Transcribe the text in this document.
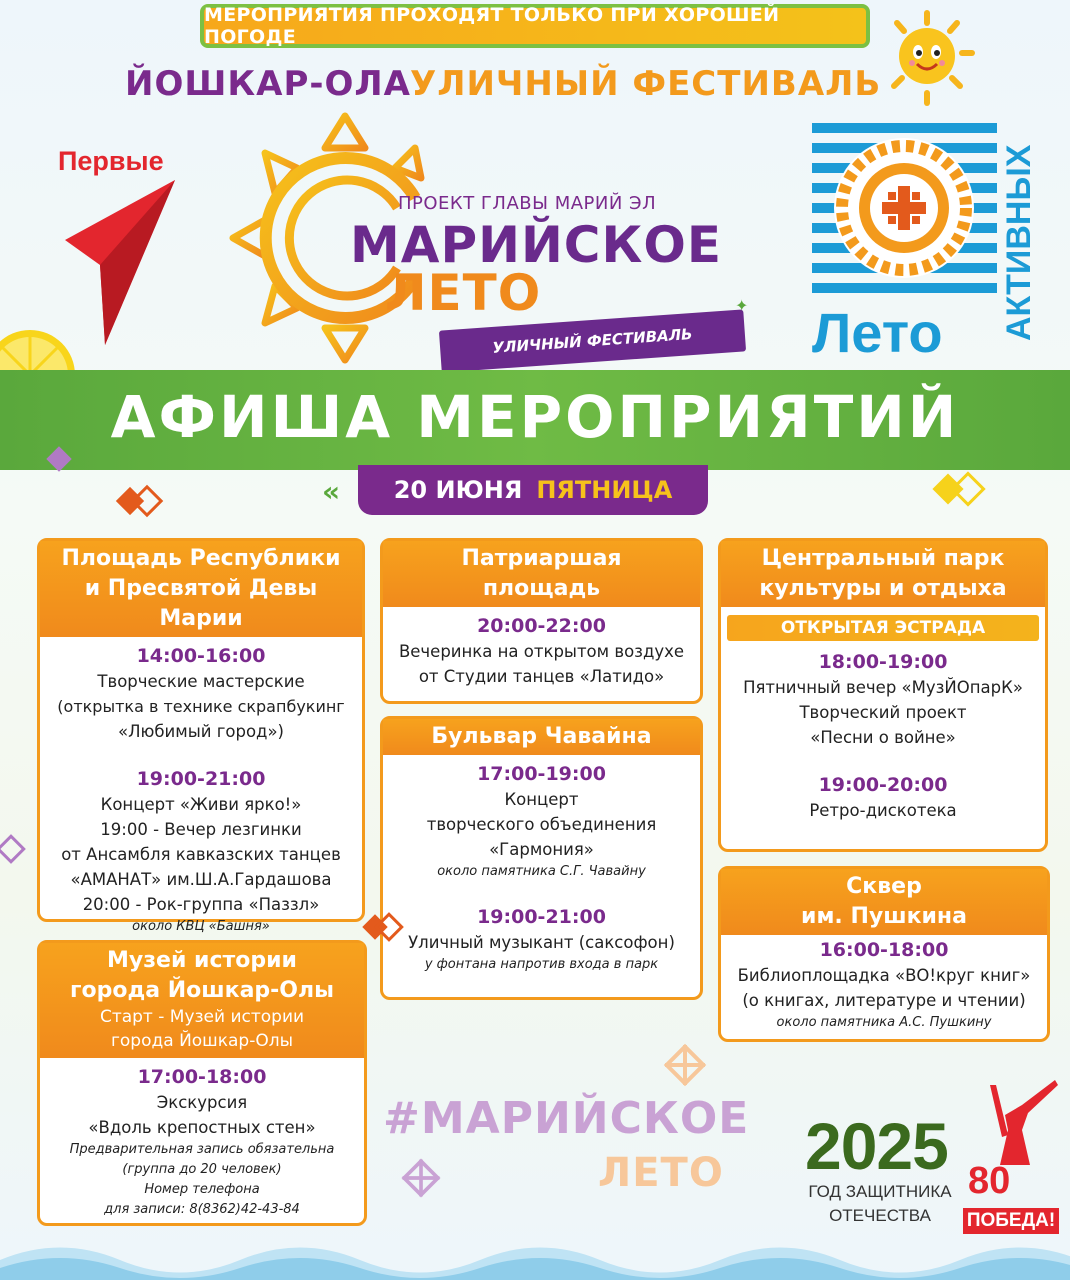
МЕРОПРИЯТИЯ ПРОХОДЯТ ТОЛЬКО ПРИ ХОРОШЕЙ ПОГОДЕ
ЙОШКАР-ОЛА УЛИЧНЫЙ ФЕСТИВАЛЬ
Первые
ПРОЕКТ ГЛАВЫ МАРИЙ ЭЛ
МАРИЙСКОЕ
ЛЕТО
УЛИЧНЫЙ ФЕСТИВАЛЬ
✦ Лето АКТИВНЫХ
АФИША МЕРОПРИЯТИЙ
« 20 ИЮНЯ ПЯТНИЦА
Площадь Республики
и Пресвятой Девы Марии
14:00-16:00
Творческие мастерские
(открытка в технике скрапбукинг
«Любимый город»)
19:00-21:00
Концерт «Живи ярко!»
19:00 - Вечер лезгинки
от Ансамбля кавказских танцев
«АМАНАТ» им.Ш.А.Гардашова
20:00 - Рок-группа «Паззл»
около КВЦ «Башня»
Патриаршая
площадь
20:00-22:00
Вечеринка на открытом воздухе
от Студии танцев «Латидо»
Бульвар Чавайна
17:00-19:00
Концерт
творческого объединения
«Гармония»
около памятника С.Г. Чавайну
19:00-21:00
Уличный музыкант (саксофон)
у фонтана напротив входа в парк
Центральный парк
культуры и отдыха
ОТКРЫТАЯ ЭСТРАДА
18:00-19:00
Пятничный вечер «МузЙОпарК»
Творческий проект
«Песни о войне»
19:00-20:00
Ретро-дискотека
Сквер
им. Пушкина
16:00-18:00
Библиоплощадка «ВО!круг книг»
(о книгах, литературе и чтении)
около памятника А.С. Пушкину
Музей истории
города Йошкар-Олы
Старт - Музей истории
города Йошкар-Олы
17:00-18:00
Экскурсия
«Вдоль крепостных стен»
Предварительная запись обязательна
(группа до 20 человек)
Номер телефона
для записи: 8(8362)42-43-84
#МАРИЙСКОЕ
ЛЕТО 2025
ГОД ЗАЩИТНИКА
ОТЕЧЕСТВА
80
ПОБЕДА!
